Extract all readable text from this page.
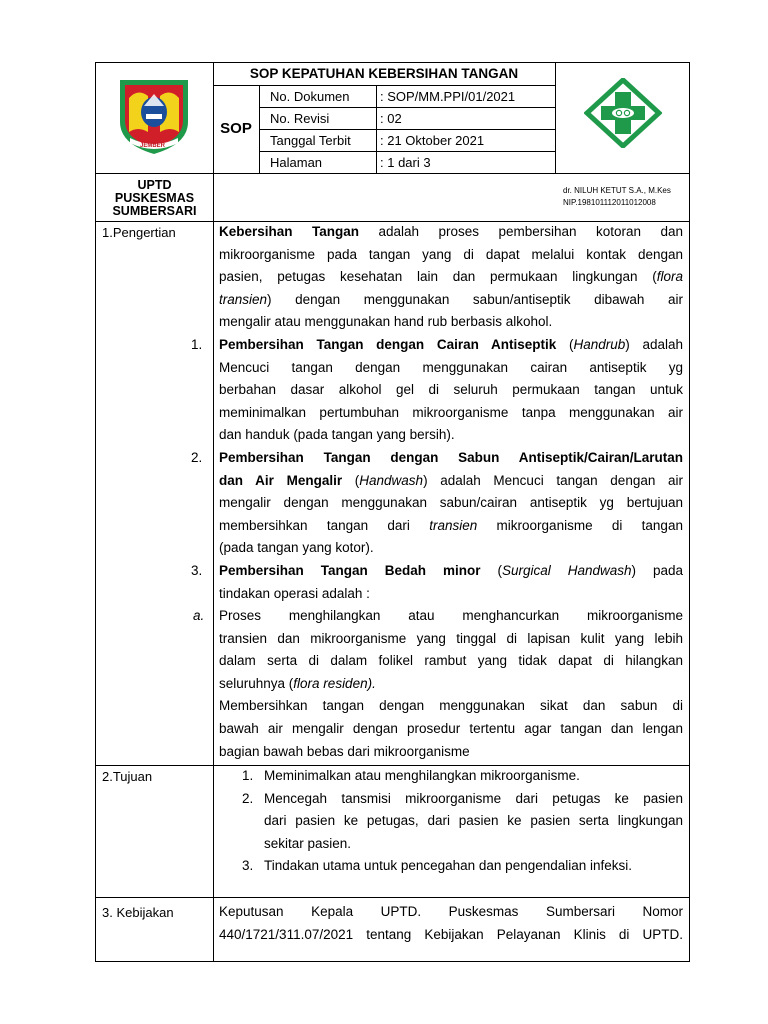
JEMBER
SOP KEPATUHAN KEBERSIHAN TANGAN
SOP
No. Dokumen : SOP/MM.PPI/01/2021
No. Revisi	: 02
Tanggal Terbit : 21 Oktober 2021
Halaman	: 1 dari 3
UPTD
PUSKESMAS
SUMBERSARI
dr. NILUH KETUT S.A., M.Kes
NIP.198101112011012008
1.Pengertian
2.Tujuan
3. Kebijakan
Kebersihan Tangan adalah proses pembersihan kotoran dan
mikroorganisme pada tangan yang di dapat melalui kontak dengan
pasien, petugas kesehatan lain dan permukaan lingkungan (flora
transien) dengan menggunakan sabun/antiseptik dibawah air
mengalir atau menggunakan hand rub berbasis alkohol.
1. Pembersihan Tangan dengan Cairan Antiseptik (Handrub) adalah
Mencuci tangan dengan menggunakan cairan antiseptik yg
berbahan dasar alkohol gel di seluruh permukaan tangan untuk
meminimalkan pertumbuhan mikroorganisme tanpa menggunakan air
dan handuk (pada tangan yang bersih).
2. Pembersihan Tangan dengan Sabun Antiseptik/Cairan/Larutan
dan Air Mengalir (Handwash) adalah Mencuci tangan dengan air
mengalir dengan menggunakan sabun/cairan antiseptik yg bertujuan
membersihkan tangan dari transien mikroorganisme di tangan
(pada tangan yang kotor).
3. Pembersihan Tangan Bedah minor (Surgical Handwash) pada
tindakan operasi adalah :
a. Proses menghilangkan atau menghancurkan mikroorganisme
transien dan mikroorganisme yang tinggal di lapisan kulit yang lebih
dalam serta di dalam folikel rambut yang tidak dapat di hilangkan
seluruhnya (flora residen).
Membersihkan tangan dengan menggunakan sikat dan sabun di
bawah air mengalir dengan prosedur tertentu agar tangan dan lengan
bagian bawah bebas dari mikroorganisme
1. Meminimalkan atau menghilangkan mikroorganisme.
2. Mencegah tansmisi mikroorganisme dari petugas ke pasien
dari pasien ke petugas, dari pasien ke pasien serta lingkungan
sekitar pasien.
3. Tindakan utama untuk pencegahan dan pengendalian infeksi.
Keputusan Kepala UPTD. Puskesmas Sumbersari Nomor
440/1721/311.07/2021 tentang Kebijakan Pelayanan Klinis di UPTD.
